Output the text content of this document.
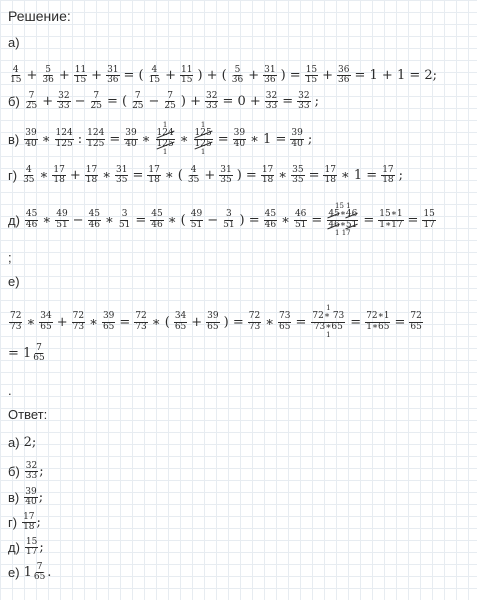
Решение:
а)
$\frac{4}{15} + \frac{5}{36} + \frac{11}{15} + \frac{31}{36}$ = ( $\frac{4}{15} + \frac{11}{15}$ ) + ( $\frac{5}{36} + \frac{31}{36}$ ) = $\frac{15}{15} + \frac{36}{36} = 1 + 1 = 2$;
$б) \frac{7}{25} + \frac{32}{33} - \frac{7}{25}$ = ( $\frac{7}{25} - \frac{7}{25}$ ) + $\frac{32}{33} = 0 + \frac{32}{33} = \frac{32}{33}$ ;
$в) \frac{39}{40}$ ∗ $\frac{124}{125}$ : $\frac{124}{125} = \frac{39}{40}$ ∗
1
124
125
1
∗
1
125
125
1
= $\frac{39}{40}$ ∗ $1 = \frac{39}{40}$ ;
$г) \frac{4}{35}$ ∗ $\frac{17}{18} + \frac{17}{18}$ ∗ $\frac{31}{35} = \frac{17}{18}$ ∗ ( $\frac{4}{35} + \frac{31}{35}$ ) = $\frac{17}{18}$ ∗ $\frac{35}{35} = \frac{17}{18}$ ∗ $1 = \frac{17}{18}$ ;
$д) \frac{45}{46}$ ∗ $\frac{49}{51} - \frac{45}{46}$ ∗ $\frac{3}{51} = \frac{45}{46}$ ∗ ( $\frac{49}{51} - \frac{3}{51}$ ) = $\frac{45}{46}$ ∗ $\frac{46}{51}$ =
15 1
45∗46
46∗51
1 17
= $\frac{15∗1}{1∗17} = \frac{15}{17}$
;
е)
$\frac{72}{73}$ ∗ $\frac{34}{65} + \frac{72}{73}$ ∗ $\frac{39}{65} = \frac{72}{73}$ ∗ ( $\frac{34}{65} + \frac{39}{65}$ ) = $\frac{72}{73}$ ∗ $\frac{73}{65}$ =
1
72∗ 73
73∗65
1
= $\frac{72∗1}{1∗65} = \frac{72}{65}$
= $1 \frac{7}{65}$
.
Ответ:
а) 2;
$б) \frac{32}{33}$ ;
$в) \frac{39}{40}$ ;
$г) \frac{17}{18}$ ;
$д) \frac{15}{17}$ ;
е) $1 \frac{7}{65}$ .
